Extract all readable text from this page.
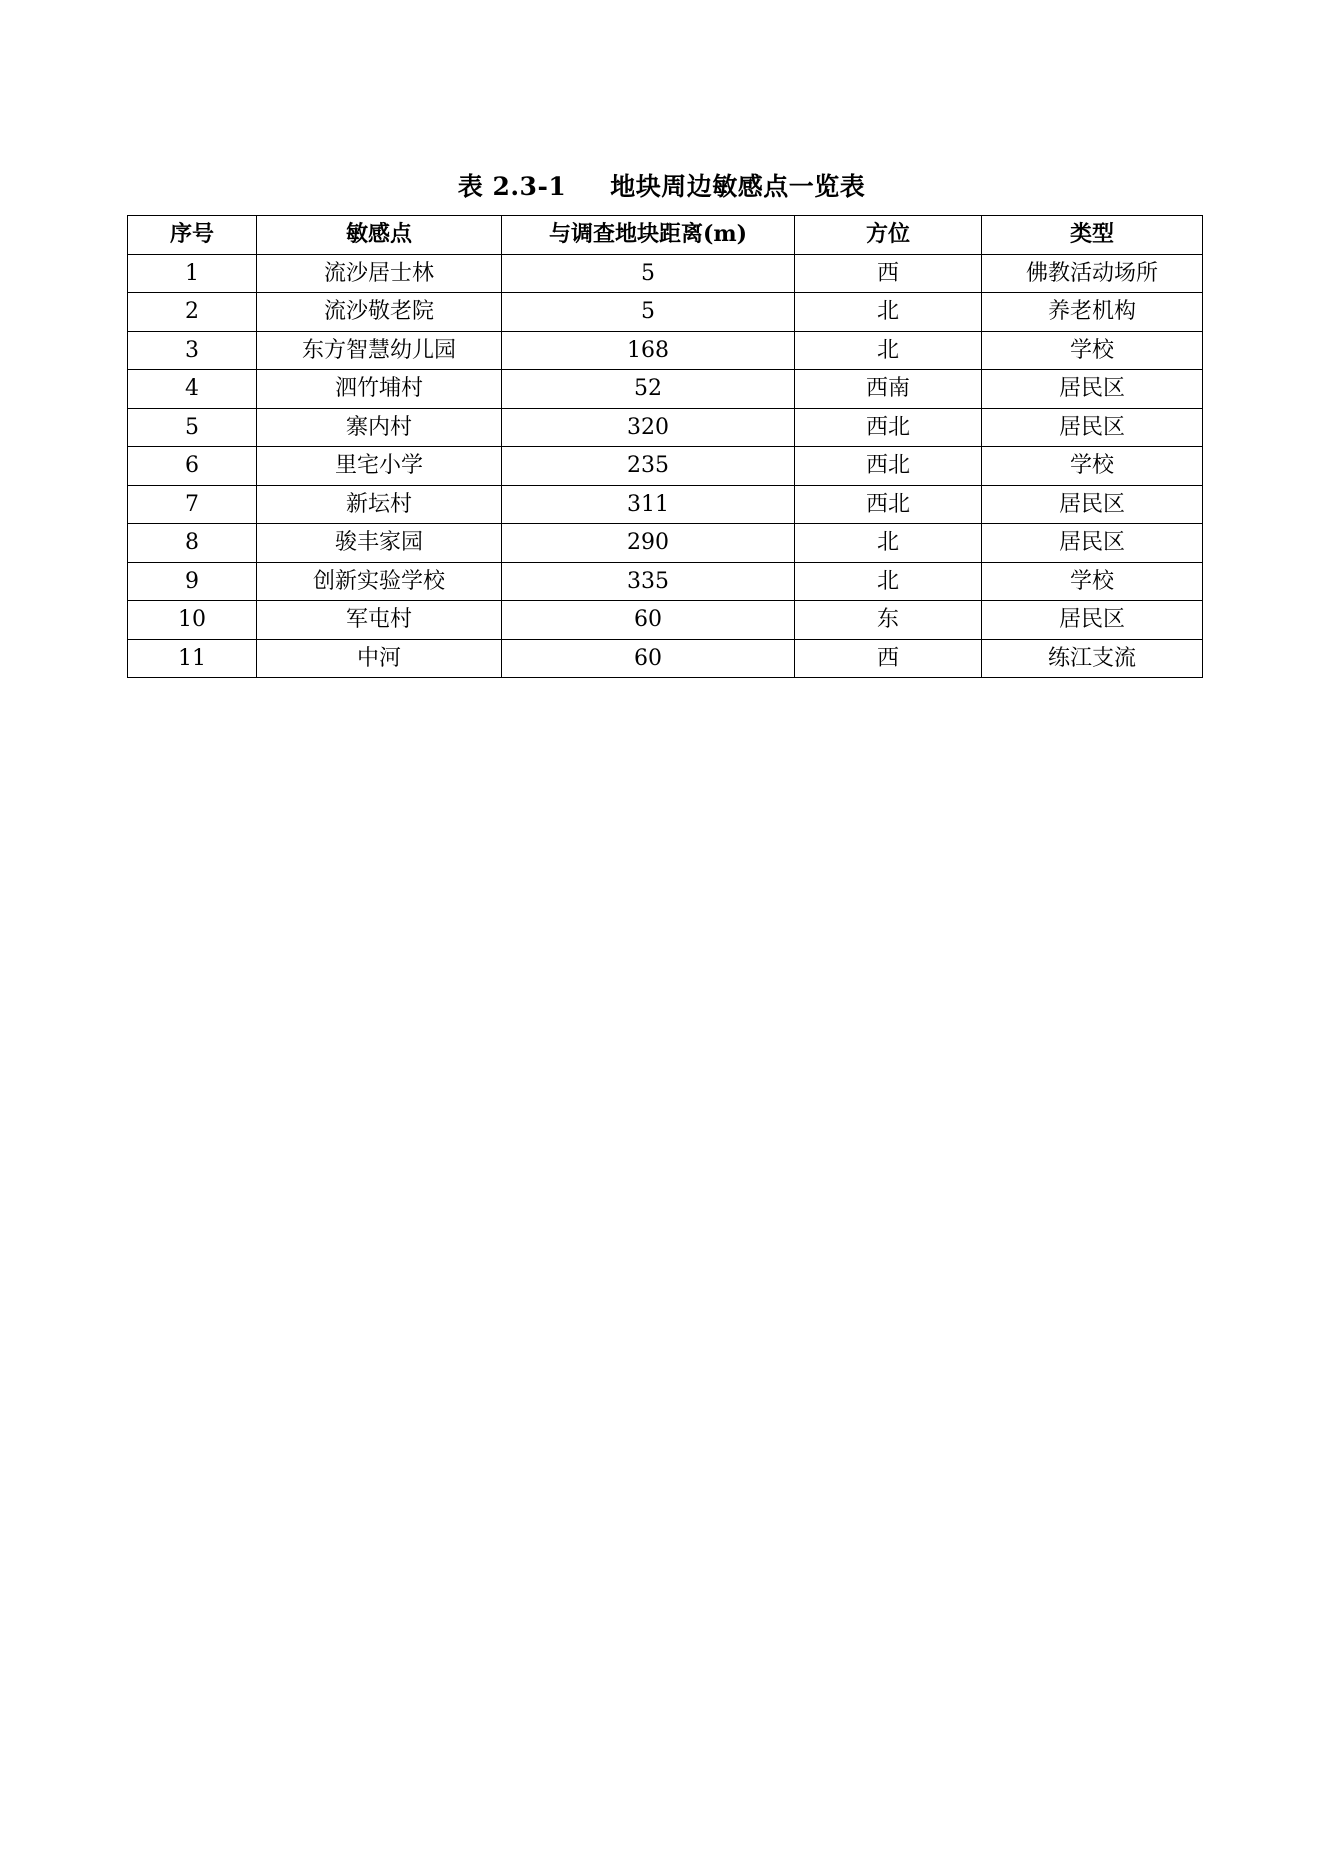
表 2.3-1 地块周边敏感点一览表
序号	敏感点	与调查地块距离(m)	方位	类型
1	流沙居士林	5	西	佛教活动场所
2	流沙敬老院	5	北	养老机构
3	东方智慧幼儿园	168	北	学校
4	泗竹埔村	52	西南	居民区
5	寨内村	320	西北	居民区
6	里宅小学	235	西北	学校
7	新坛村	311	西北	居民区
8	骏丰家园	290	北	居民区
9	创新实验学校	335	北	学校
10	军屯村	60	东	居民区
11	中河	60	西	练江支流
